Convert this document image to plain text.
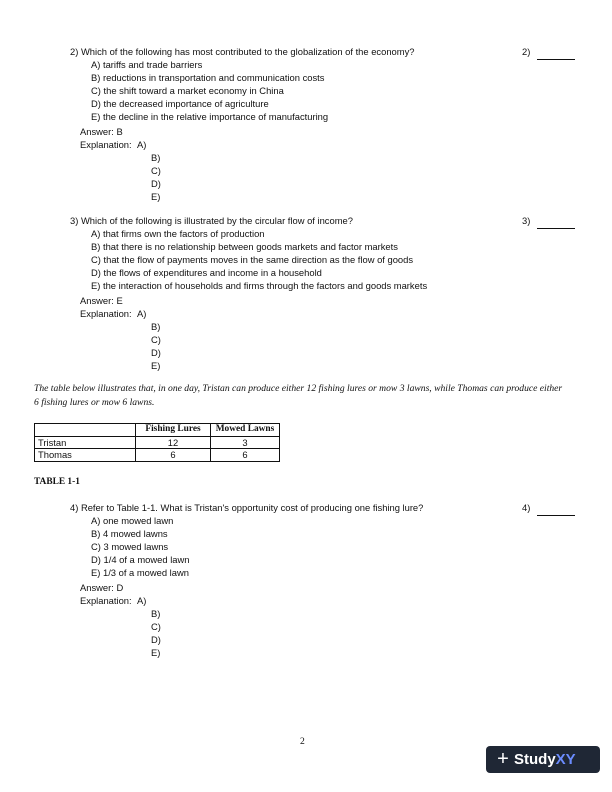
2) Which of the following has most contributed to the globalization of the economy?	2)
A) tariffs and trade barriers
B) reductions in transportation and communication costs
C) the shift toward a market economy in China
D) the decreased importance of agriculture
E) the decline in the relative importance of manufacturing
Answer: B
Explanation: A)
B)
C)
D)
E)
3) Which of the following is illustrated by the circular flow of income?	3)
A) that firms own the factors of production
B) that there is no relationship between goods markets and factor markets
C) that the flow of payments moves in the same direction as the flow of goods
D) the flows of expenditures and income in a household
E) the interaction of households and firms through the factors and goods markets
Answer: E
Explanation: A)
B)
C)
D)
E)
The table below illustrates that, in one day, Tristan can produce either 12 fishing lures or mow 3 lawns, while Thomas can produce either
6 fishing lures or mow 6 lawns.
	Fishing Lures	Mowed Lawns
Tristan	12	3
Thomas	6	6
TABLE 1-1
4) Refer to Table 1-1. What is Tristan's opportunity cost of producing one fishing lure?	4)
A) one mowed lawn
B) 4 mowed lawns
C) 3 mowed lawns
D) 1/4 of a mowed lawn
E) 1/3 of a mowed lawn
Answer: D
Explanation: A)
B)
C)
D)
E)
2
+ StudyXY
